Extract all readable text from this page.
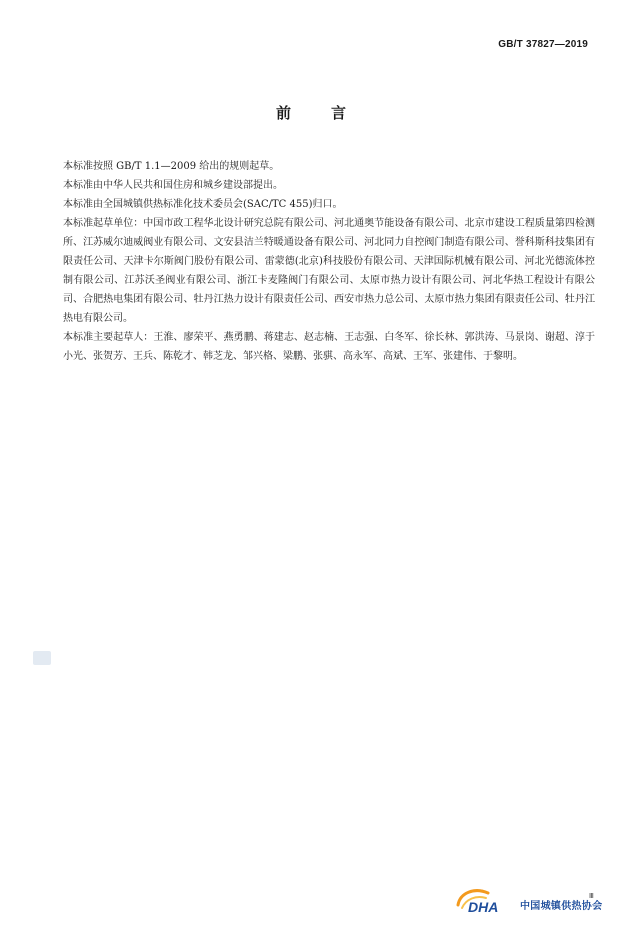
GB/T 37827—2019
前言

本标准按照 GB/T 1.1—2009 给出的规则起草。

本标准由中华人民共和国住房和城乡建设部提出。

本标准由全国城镇供热标准化技术委员会(SAC/TC 455)归口。

本标准起草单位：中国市政工程华北设计研究总院有限公司、河北通奥节能设备有限公司、北京市建设工程质量第四检测所、江苏威尔迪威阀业有限公司、文安县洁兰特暖通设备有限公司、河北同力自控阀门制造有限公司、誉科斯科技集团有限责任公司、天津卡尔斯阀门股份有限公司、雷蒙德(北京)科技股份有限公司、天津国际机械有限公司、河北光德流体控制有限公司、江苏沃圣阀业有限公司、浙江卡麦隆阀门有限公司、太原市热力设计有限公司、河北华热工程设计有限公司、合肥热电集团有限公司、牡丹江热力设计有限责任公司、西安市热力总公司、太原市热力集团有限责任公司、牡丹江热电有限公司。

本标准主要起草人：王淮、廖荣平、燕勇鹏、蒋建志、赵志楠、王志强、白冬军、徐长林、郭洪涛、马景岗、谢超、淳于小光、张贺芳、王兵、陈乾才、韩芝龙、邹兴格、梁鹏、张骐、高永军、高斌、王军、张建伟、于黎明。

Ⅲ
DHA 中国城镇供热协会
